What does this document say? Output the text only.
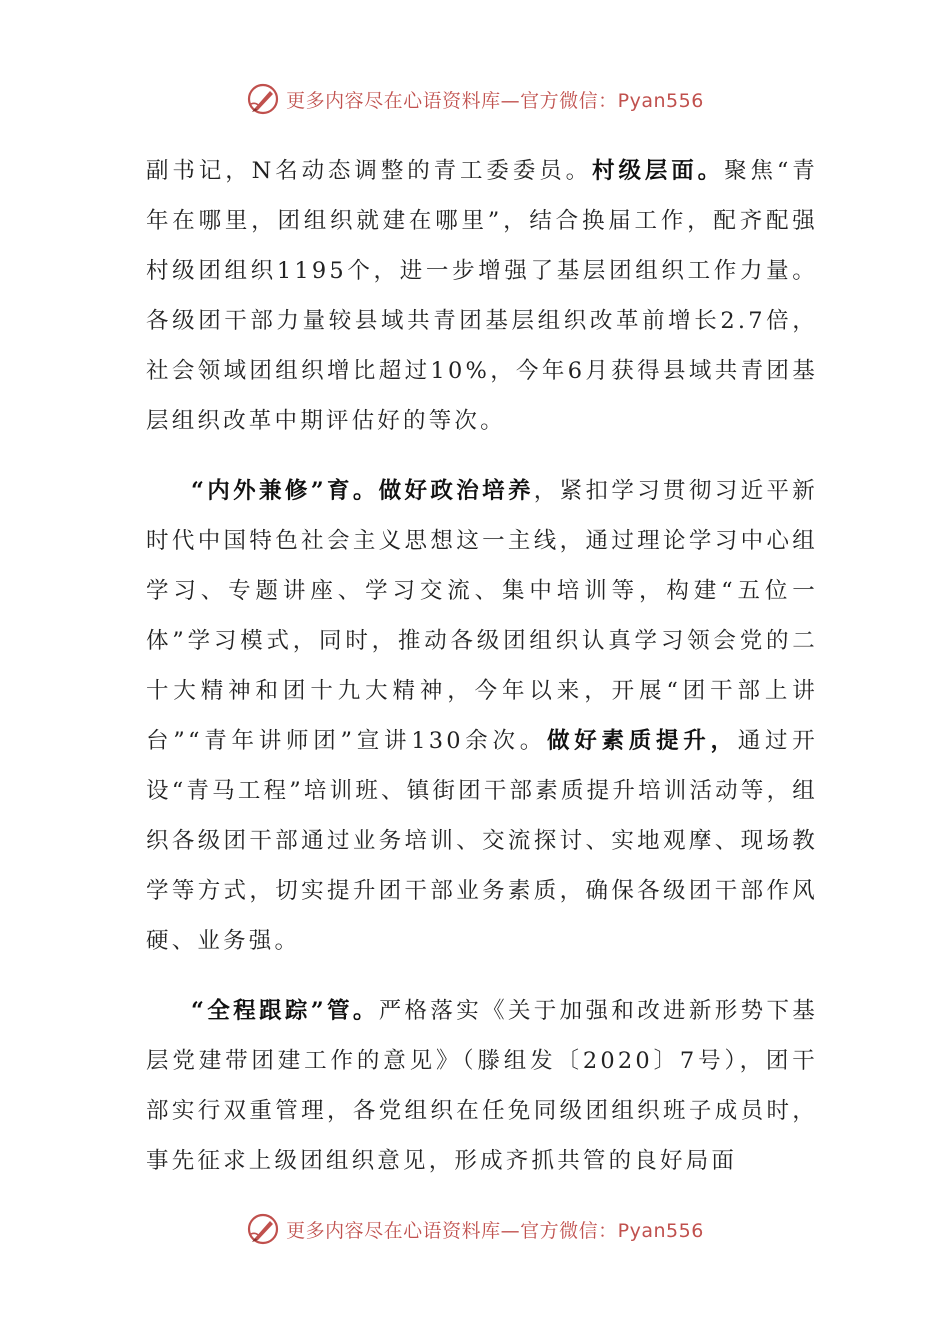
更多内容尽在心语资料库—官方微信：Pyan556

副书记，N名动态调整的青工委委员。村级层面。聚焦“青年在哪里，团组织就建在哪里”，结合换届工作，配齐配强村级团组织1195个，进一步增强了基层团组织工作力量。各级团干部力量较县域共青团基层组织改革前增长2.7倍，社会领域团组织增比超过10%，今年6月获得县域共青团基层组织改革中期评估好的等次。

“内外兼修”育。做好政治培养，紧扣学习贯彻习近平新时代中国特色社会主义思想这一主线，通过理论学习中心组学习、专题讲座、学习交流、集中培训等，构建“五位一体”学习模式，同时，推动各级团组织认真学习领会党的二十大精神和团十九大精神，今年以来，开展“团干部上讲台”“青年讲师团”宣讲130余次。做好素质提升，通过开设“青马工程”培训班、镇街团干部素质提升培训活动等，组织各级团干部通过业务培训、交流探讨、实地观摩、现场教学等方式，切实提升团干部业务素质，确保各级团干部作风硬、业务强。

“全程跟踪”管。严格落实《关于加强和改进新形势下基层党建带团建工作的意见》（滕组发〔2020〕7号），团干部实行双重管理，各党组织在任免同级团组织班子成员时，事先征求上级团组织意见，形成齐抓共管的良好局面

更多内容尽在心语资料库—官方微信：Pyan556
